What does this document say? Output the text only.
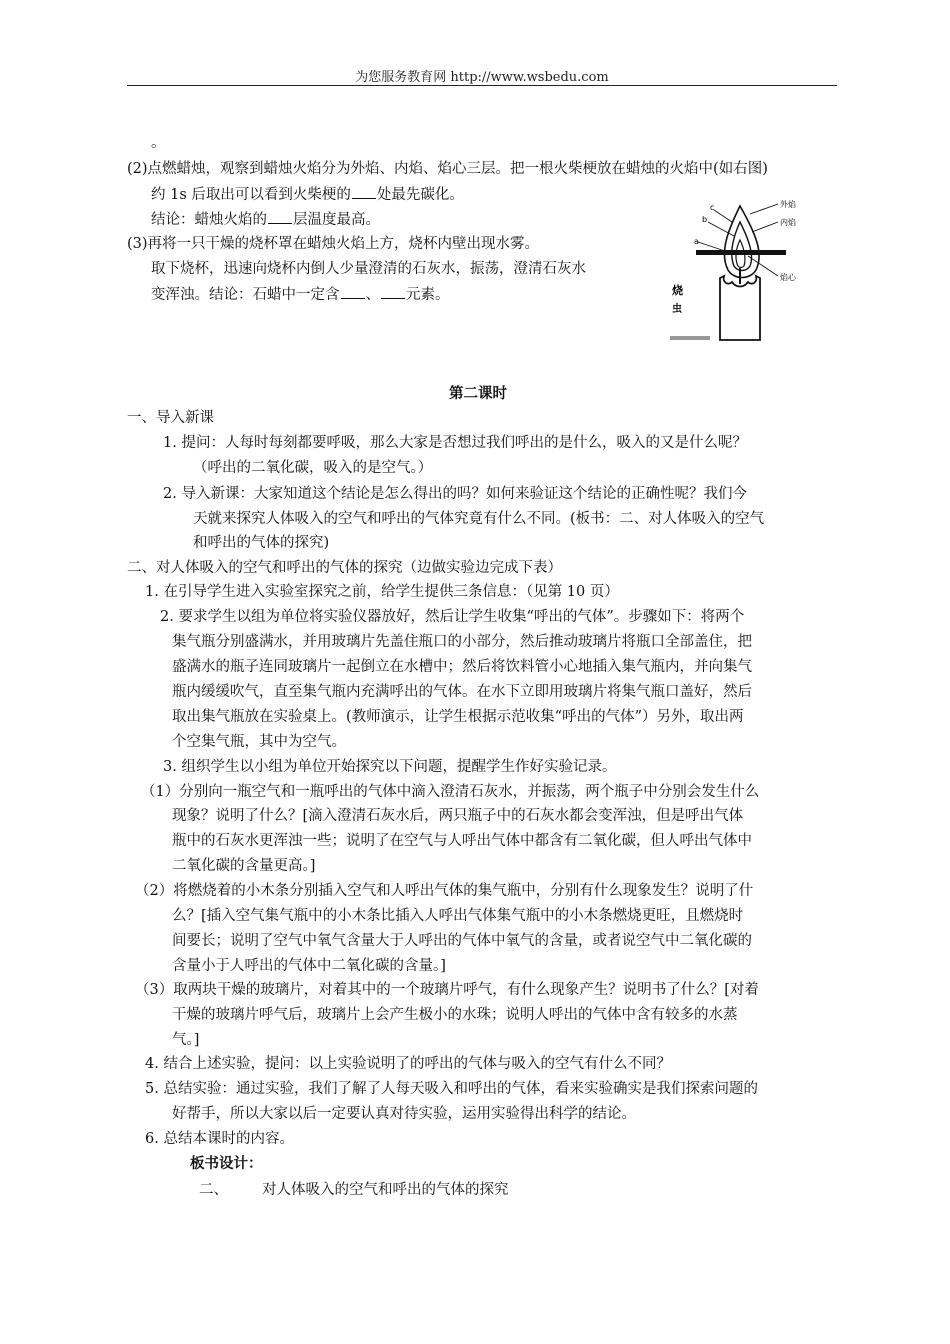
为您服务教育网 http://www.wsbedu.com
。
(2)点燃蜡烛，观察到蜡烛火焰分为外焰、内焰、焰心三层。把一根火柴梗放在蜡烛的火焰中(如右图)
约 1s 后取出可以看到火柴梗的 处最先碳化。
结论：蜡烛火焰的 层温度最高。
(3)再将一只干燥的烧杯罩在蜡烛火焰上方，烧杯内壁出现水雾。
取下烧杯，迅速向烧杯内倒人少量澄清的石灰水，振荡，澄清石灰水
变浑浊。结论：石蜡中一定含 、 元素。
外焰
内焰
焰心
a
b
c
烧
虫
第二课时
一、导入新课
1. 提问：人每时每刻都要呼吸，那么大家是否想过我们呼出的是什么，吸入的又是什么呢？
（呼出的二氧化碳，吸入的是空气。）
2. 导入新课：大家知道这个结论是怎么得出的吗？如何来验证这个结论的正确性呢？我们今
天就来探究人体吸入的空气和呼出的气体究竟有什么不同。(板书：二、对人体吸入的空气
和呼出的气体的探究)
二、对人体吸入的空气和呼出的气体的探究（边做实验边完成下表）
1. 在引导学生进入实验室探究之前，给学生提供三条信息：（见第 10 页）
2. 要求学生以组为单位将实验仪器放好，然后让学生收集“呼出的气体”。步骤如下：将两个
集气瓶分别盛满水，并用玻璃片先盖住瓶口的小部分，然后推动玻璃片将瓶口全部盖住，把
盛满水的瓶子连同玻璃片一起倒立在水槽中；然后将饮料管小心地插入集气瓶内，并向集气
瓶内缓缓吹气，直至集气瓶内充满呼出的气体。在水下立即用玻璃片将集气瓶口盖好，然后
取出集气瓶放在实验桌上。(教师演示，让学生根据示范收集“呼出的气体”）另外，取出两
个空集气瓶，其中为空气。
3. 组织学生以小组为单位开始探究以下问题，提醒学生作好实验记录。
（1）分别向一瓶空气和一瓶呼出的气体中滴入澄清石灰水，并振荡，两个瓶子中分别会发生什么
现象？说明了什么？[滴入澄清石灰水后，两只瓶子中的石灰水都会变浑浊，但是呼出气体
瓶中的石灰水更浑浊一些；说明了在空气与人呼出气体中都含有二氧化碳，但人呼出气体中
二氧化碳的含量更高。]
（2）将燃烧着的小木条分别插入空气和人呼出气体的集气瓶中，分别有什么现象发生？说明了什
么？[插入空气集气瓶中的小木条比插入人呼出气体集气瓶中的小木条燃烧更旺，且燃烧时
间要长；说明了空气中氧气含量大于人呼出的气体中氧气的含量，或者说空气中二氧化碳的
含量小于人呼出的气体中二氧化碳的含量。]
（3）取两块干燥的玻璃片，对着其中的一个玻璃片呼气，有什么现象产生？说明书了什么？[对着
干燥的玻璃片呼气后，玻璃片上会产生极小的水珠；说明人呼出的气体中含有较多的水蒸
气。]
4. 结合上述实验，提问：以上实验说明了的呼出的气体与吸入的空气有什么不同？
5. 总结实验：通过实验，我们了解了人每天吸入和呼出的气体，看来实验确实是我们探索问题的
好帮手，所以大家以后一定要认真对待实验，运用实验得出科学的结论。
6. 总结本课时的内容。
板书设计：
二、 对人体吸入的空气和呼出的气体的探究
